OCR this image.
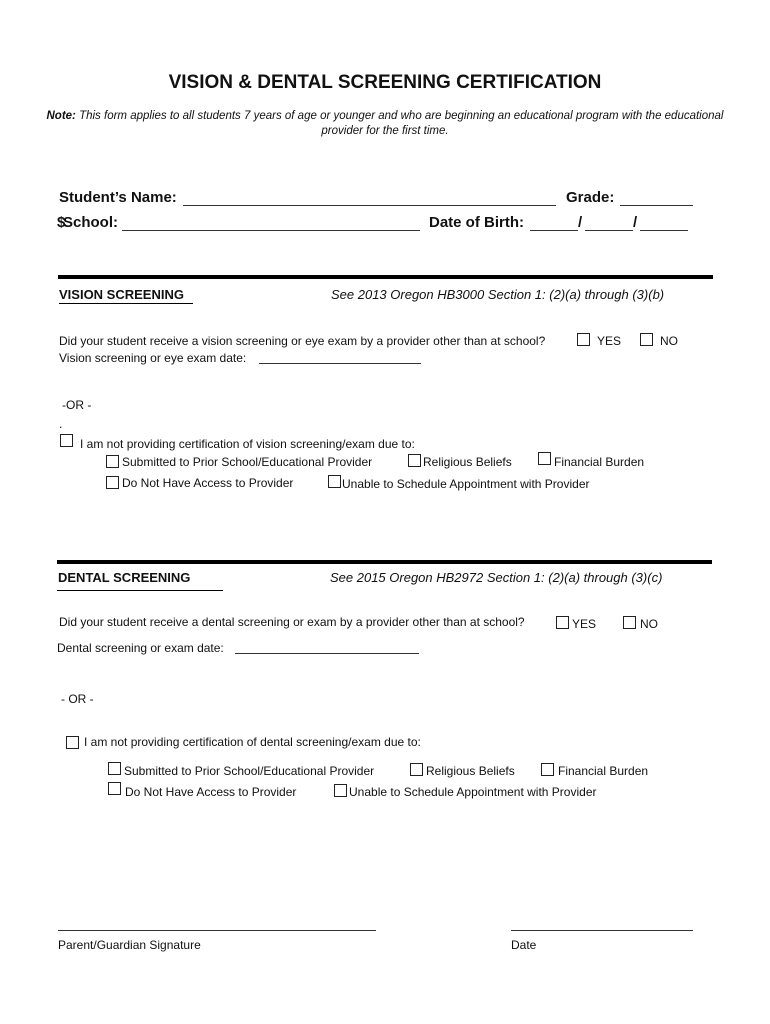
VISION & DENTAL SCREENING CERTIFICATION
Note: This form applies to all students 7 years of age or younger and who are beginning an educational program with the educational provider for the first time.
Student’s Name:	Grade:
$
School:	Date of Birth:	/	/
VISION SCREENING	See 2013 Oregon HB3000 Section 1: (2)(a) through (3)(b)
Did your student receive a vision screening or eye exam by a provider other than at school?	YES	NO
Vision screening or eye exam date:
-OR -
.
I am not providing certification of vision screening/exam due to:
Submitted to Prior School/Educational Provider	Religious Beliefs	Financial Burden
Do Not Have Access to Provider	Unable to Schedule Appointment with Provider
DENTAL SCREENING	See 2015 Oregon HB2972 Section 1: (2)(a) through (3)(c)
Did your student receive a dental screening or exam by a provider other than at school?	YES	NO
Dental screening or exam date:
- OR -
I am not providing certification of dental screening/exam due to:
Submitted to Prior School/Educational Provider	Religious Beliefs	Financial Burden
Do Not Have Access to Provider	Unable to Schedule Appointment with Provider
Parent/Guardian Signature	Date
